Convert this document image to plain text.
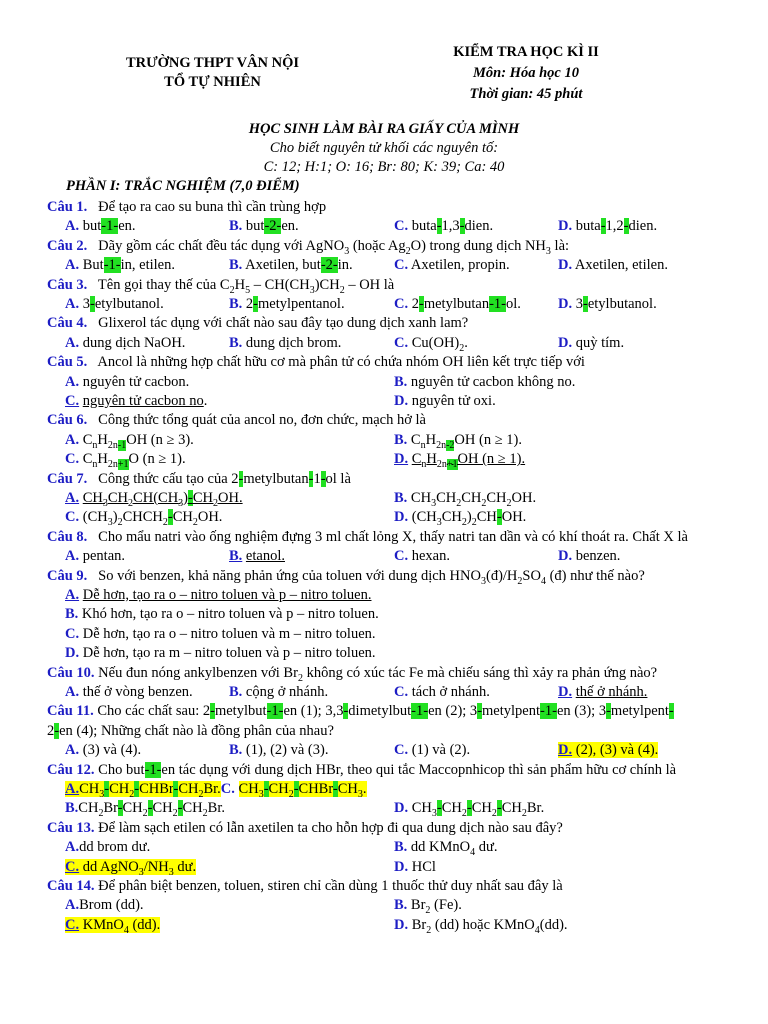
TRƯỜNG THPT VÂN NỘI
TỔ TỰ NHIÊN
KIỂM TRA HỌC KÌ II
Môn: Hóa học 10
Thời gian: 45 phút
HỌC SINH LÀM BÀI RA GIẤY CỦA MÌNH
Cho biết nguyên tử khối các nguyên tố:
C: 12; H:1; O: 16; Br: 80; K: 39; Ca: 40
PHẦN I: TRẮC NGHIỆM (7,0 ĐIỂM)
Câu 1. Để tạo ra cao su buna thì cần trùng hợp
A. but-1-en.	B. but-2-en.	C. buta-1,3-dien.	D. buta-1,2-dien.
Câu 2. Dãy gồm các chất đều tác dụng với AgNO$_3$ (hoặc $Ag_2O$) trong dung dịch $NH_3$ là:
A. But-1-in, etilen.	B. Axetilen, but-2-in.	C. Axetilen, propin.	D. Axetilen, etilen.
Câu 3. Tên gọi thay thế của $C_2H_5 - CH(CH_3)CH_2$ – OH là
A. 3-etylbutanol.	B. 2-metylpentanol.	C. 2-metylbutan-1-ol.	D. 3-etylbutanol.
Câu 4. Glixerol tác dụng với chất nào sau đây tạo dung dịch xanh lam?
A. dung dịch NaOH.	B. dung dịch brom.	C. $Cu(OH)_2$.	D. quỳ tím.
Câu 5. Ancol là những hợp chất hữu cơ mà phân tử có chứa nhóm OH liên kết trực tiếp với
A. nguyên tử cacbon.	B. nguyên tử cacbon không no.
C. nguyên tử cacbon no.	D. nguyên tử oxi.
Câu 6. Công thức tổng quát của ancol no, đơn chức, mạch hở là
A. $C_nH_{2n-1}OH$ (n ≥ 3).	B. $C_nH_{2n-2}OH$ (n ≥ 1).
C. $C_nH_{2n+1}O$ (n ≥ 1).	D. $C_nH_{2n+1}OH$ (n ≥ 1).
Câu 7.   Công thức cấu tạo của 2-metylbutan-1-ol là
A. $CH_3CH_2CH(CH_3)-CH_2OH$.	B. $CH_3CH_2CH_2CH_2OH$.
C. $(CH_3)_2CHCH_2-CH_2OH$.	D. $(CH_3CH_2)_2CH-OH$.
Câu 8. Cho mẩu natri vào ống nghiệm đựng 3 ml chất lỏng X, thấy natri tan dần và có khí thoát ra. Chất X là
A. pentan.	B. etanol.	C. hexan.	D. benzen.
Câu 9. So với benzen, khả năng phản ứng của toluen với dung dịch $HNO_3(đ)/H_2SO_4$ (đ) như thế nào?
A. Dễ hơn, tạo ra o – nitro toluen và p – nitro toluen.
B. Khó hơn, tạo ra o – nitro toluen và p – nitro toluen.
C. Dễ hơn, tạo ra o – nitro toluen và m – nitro toluen.
D. Dễ hơn, tạo ra m – nitro toluen và p – nitro toluen.
Câu 10. Nếu đun nóng ankylbenzen với $Br_2$ không có xúc tác Fe mà chiếu sáng thì xảy ra phản ứng nào?
A. thế ở vòng benzen.	B. cộng ở nhánh.	C. tách ở nhánh.	D. thế ở nhánh.
Câu 11. Cho các chất sau: 2-metylbut-1-en (1); 3,3-dimetylbut-1-en (2); 3-metylpent-1-en (3); 3-metylpent-
2-en (4); Những chất nào là đồng phân của nhau?
A. (3) và (4).	B. (1), (2) và (3).	C. (1) và (2).	D. (2), (3) và (4).
Câu 12. Cho but-1-en tác dụng với dung dịch HBr, theo qui tắc Maccopnhicop thì sản phẩm hữu cơ chính là
$A.CH_3-CH_2-CHBr-CH_2Br.C$. $CH_3-CH_2-CHBr-CH_3$.
$B.CH_2Br-CH_2-CH_2-CH_2Br$.	D. $CH_3-CH_2-CH_2-CH_2Br$.
Câu 13. Để làm sạch etilen có lẫn axetilen ta cho hỗn hợp đi qua dung dịch nào sau đây?
A.dd brom dư.	B. dd KMnO$_4$ dư.
C. dd $AgNO_3/NH_3$ dư.	D. HCl
Câu 14. Để phân biệt benzen, toluen, stiren chỉ cần dùng 1 thuốc thử duy nhất sau đây là
A.Brom (dd).	B. $Br_2$ (Fe).
C. KMnO$_4$ (dd).	D. $Br_2$ (dd) hoặc KMnO$_4$(dd).
